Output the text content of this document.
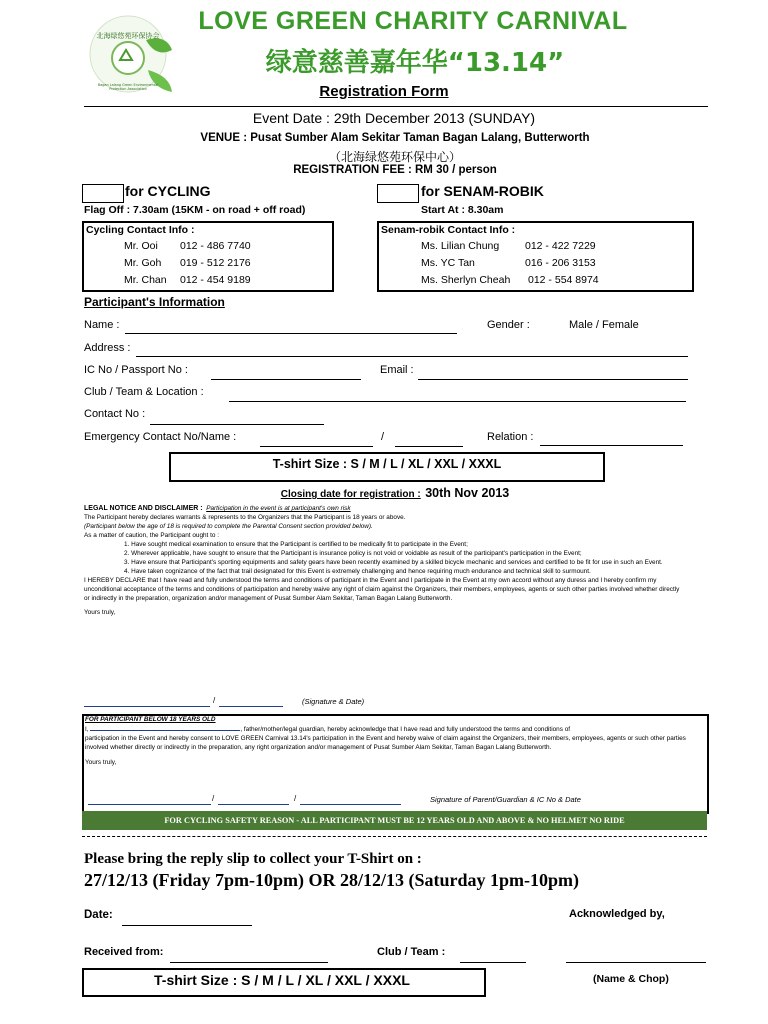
北海绿悠苑环保协会
Bagan Lalang Green Environmental
Protection Association
LOVE GREEN CHARITY CARNIVAL
绿意慈善嘉年华“13.14”
Registration Form
Event Date : 29th December 2013 (SUNDAY)
VENUE : Pusat Sumber Alam Sekitar Taman Bagan Lalang, Butterworth
（北海绿悠苑环保中心）
REGISTRATION FEE : RM 30 / person
for CYCLING
Flag Off : 7.30am (15KM - on road + off road)
Cycling Contact Info :
Mr. Ooi 012 - 486 7740
Mr. Goh 019 - 512 2176
Mr. Chan 012 - 454 9189
for SENAM-ROBIK
Start At : 8.30am
Senam-robik Contact Info :
Ms. Lilian Chung 012 - 422 7229
Ms. YC Tan	016 - 206 3153
Ms. Sherlyn Cheah 012 - 554 8974
Participant's Information
Name :	Gender :	Male / Female
Address :
IC No / Passport No :	Email :
Club / Team & Location :
Contact No :
Emergency Contact No/Name :	/	Relation :
T-shirt Size : S / M / L / XL / XXL / XXXL
Closing date for registration : 30th Nov 2013

LEGAL NOTICE AND DISCLAIMER : Participation in the event is at participant's own risk

The Participant hereby declares warrants & represents to the Organizers that the Participant is 18 years or above.

(Participant below the age of 18 is required to complete the Parental Consent section provided below).

As a matter of caution, the Participant ought to :

1. Have sought medical examination to ensure that the Participant is certified to be medically fit to participate in the Event;

2. Wherever applicable, have sought to ensure that the Participant is insurance policy is not void or voidable as result of the participant's participation in the Event;

3. Have ensure that Participant's sporting equipments and safety gears have been recently examined by a skilled bicycle mechanic and services and certified to be fit for use in such an Event.

4. Have taken cognizance of the fact that trail designated for this Event is extremely challenging and hence requiring much endurance and technical skill to surmount.

I HEREBY DECLARE that I have read and fully understood the terms and conditions of participant in the Event and I participate in the Event at my own accord without any duress and I hereby confirm my unconditional acceptance of the terms and conditions of participation and hereby waive any right of claim against the Organizers, their members, employees, agents or such other parties involved whether directly or indirectly in the preparation, organization and/or management of Pusat Sumber Alam Sekitar, Taman Bagan Lalang Butterworth.

Yours truly,

/	(Signature & Date)

FOR PARTICIPANT BELOW 18 YEARS OLD

I,	, father/mother/legal guardian, hereby acknowledge that I have read and fully understood the terms and conditions of

participation in the Event and hereby consent to LOVE GREEN Carnival 13.14's participation in the Event and hereby waive of claim against the Organizers, their members, employees, agents or such other parties involved whether directly or indirectly in the preparation, any right organization and/or management of Pusat Sumber Alam Sekitar, Taman Bagan Lalang Butterworth.

Yours truly,

/	/	Signature of Parent/Guardian & IC No & Date
FOR CYCLING SAFETY REASON - ALL PARTICIPANT MUST BE 12 YEARS OLD AND ABOVE & NO HELMET NO RIDE
Please bring the reply slip to collect your T-Shirt on :
27/12/13 (Friday 7pm-10pm) OR 28/12/13 (Saturday 1pm-10pm)
Date:	Acknowledged by,
Received from:	Club / Team :
T-shirt Size : S / M / L / XL / XXL / XXXL	(Name & Chop)
